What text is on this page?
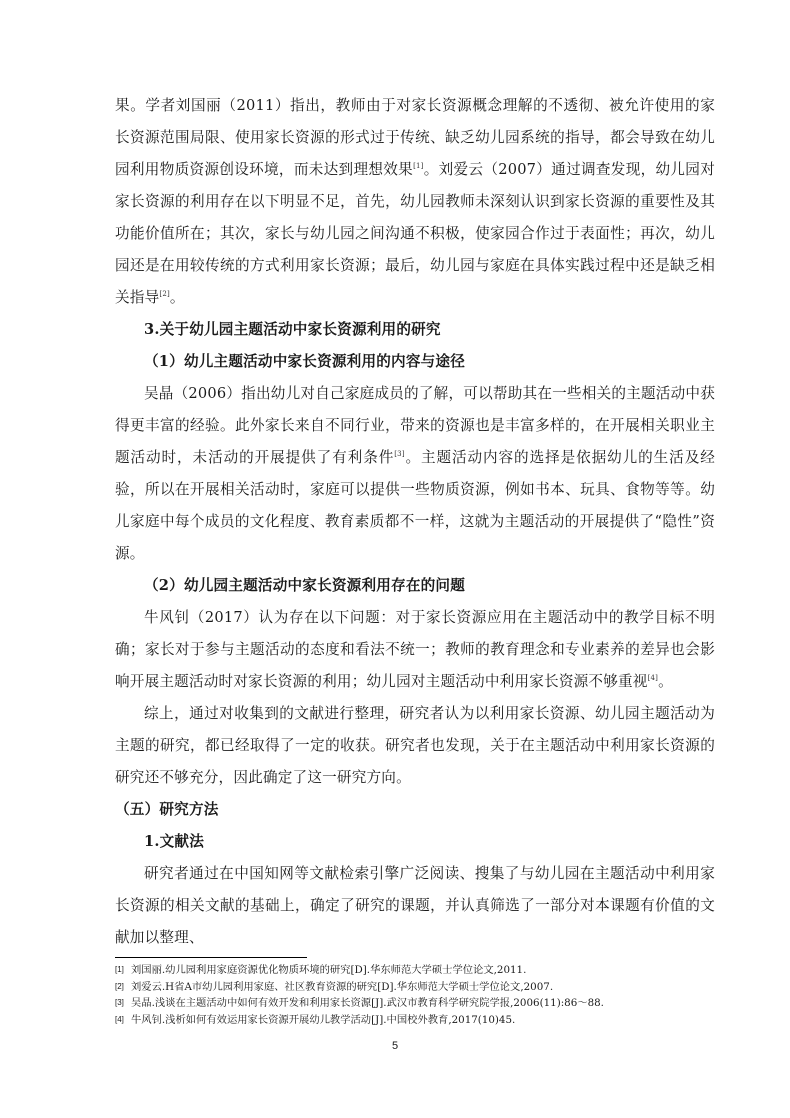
果。学者刘国丽（2011）指出，教师由于对家长资源概念理解的不透彻、被允许使用的家长资源范围局限、使用家长资源的形式过于传统、缺乏幼儿园系统的指导，都会导致在幼儿园利用物质资源创设环境，而未达到理想效果[1]。刘爱云（2007）通过调查发现，幼儿园对家长资源的利用存在以下明显不足，首先，幼儿园教师未深刻认识到家长资源的重要性及其功能价值所在；其次，家长与幼儿园之间沟通不积极，使家园合作过于表面性；再次，幼儿园还是在用较传统的方式利用家长资源；最后，幼儿园与家庭在具体实践过程中还是缺乏相关指导[2]。

3.关于幼儿园主题活动中家长资源利用的研究

（1）幼儿主题活动中家长资源利用的内容与途径

吴晶（2006）指出幼儿对自己家庭成员的了解，可以帮助其在一些相关的主题活动中获得更丰富的经验。此外家长来自不同行业，带来的资源也是丰富多样的，在开展相关职业主题活动时，未活动的开展提供了有利条件[3]。主题活动内容的选择是依据幼儿的生活及经验，所以在开展相关活动时，家庭可以提供一些物质资源，例如书本、玩具、食物等等。幼儿家庭中每个成员的文化程度、教育素质都不一样，这就为主题活动的开展提供了“隐性”资源。

（2）幼儿园主题活动中家长资源利用存在的问题

牛风钊（2017）认为存在以下问题：对于家长资源应用在主题活动中的教学目标不明确；家长对于参与主题活动的态度和看法不统一；教师的教育理念和专业素养的差异也会影响开展主题活动时对家长资源的利用；幼儿园对主题活动中利用家长资源不够重视[4]。

综上，通过对收集到的文献进行整理，研究者认为以利用家长资源、幼儿园主题活动为主题的研究，都已经取得了一定的收获。研究者也发现，关于在主题活动中利用家长资源的研究还不够充分，因此确定了这一研究方向。

（五）研究方法

1.文献法

研究者通过在中国知网等文献检索引擎广泛阅读、搜集了与幼儿园在主题活动中利用家长资源的相关文献的基础上，确定了研究的课题，并认真筛选了一部分对本课题有价值的文献加以整理、

[1] 刘国丽.幼儿园利用家庭资源优化物质环境的研究[D].华东师范大学硕士学位论文,2011.
[2] 刘爱云.H省A市幼儿园利用家庭、社区教育资源的研究[D].华东师范大学硕士学位论文,2007.
[3] 吴晶.浅谈在主题活动中如何有效开发和利用家长资源[J].武汉市教育科学研究院学报,2006(11):86～88.
[4] 牛风钊.浅析如何有效运用家长资源开展幼儿教学活动[J].中国校外教育,2017(10)45.
5
